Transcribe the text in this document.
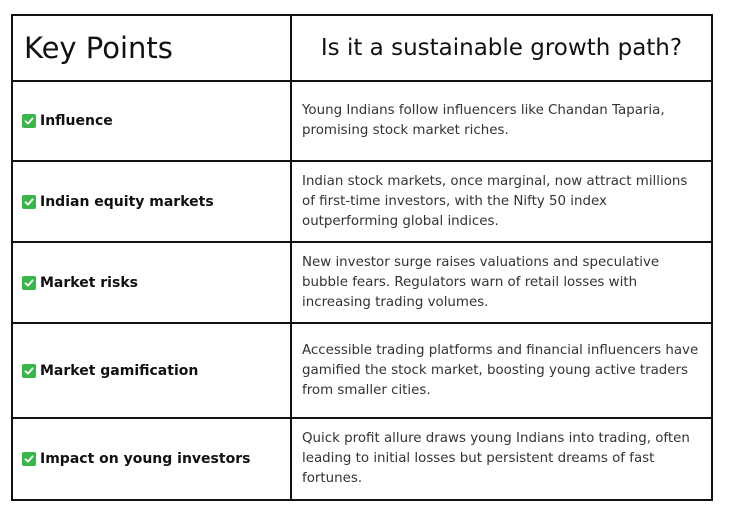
Key Points	Is it a sustainable growth path?

Influence	Young Indians follow influencers like Chandan Taparia, promising stock market riches.

Indian equity markets	Indian stock markets, once marginal, now attract millions of first-time investors, with the Nifty 50 index outperforming global indices.

Market risks	New investor surge raises valuations and speculative bubble fears. Regulators warn of retail losses with increasing trading volumes.

Market gamification	Accessible trading platforms and financial influencers have gamified the stock market, boosting young active traders from smaller cities.

Impact on young investors	Quick profit allure draws young Indians into trading, often leading to initial losses but persistent dreams of fast fortunes.
